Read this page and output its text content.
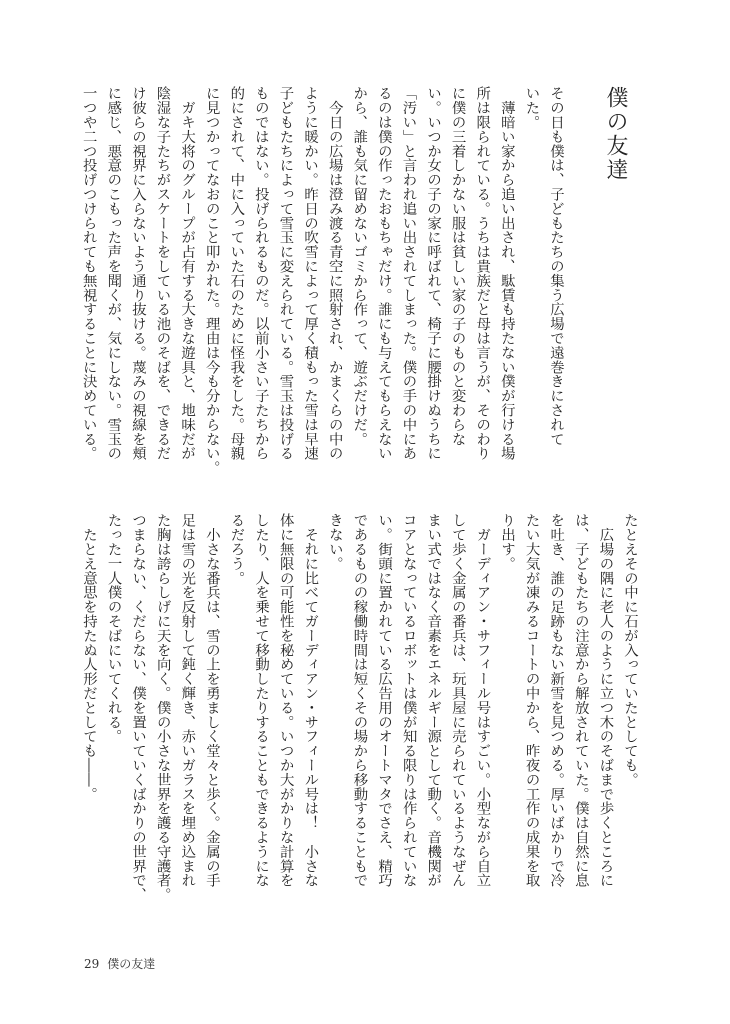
僕の友達
その日も僕は、子どもたちの集う広場で遠巻きにされて
いた。
　薄暗い家から追い出され、駄賃も持たない僕が行ける場
所は限られている。うちは貴族だと母は言うが、そのわり
に僕の三着しかない服は貧しい家の子のものと変わらな
い。いつか女の子の家に呼ばれて、椅子に腰掛けぬうちに
「汚い」と言われ追い出されてしまった。僕の手の中にあ
るのは僕の作ったおもちゃだけ。誰にも与えてもらえない
から、誰も気に留めないゴミから作って、遊ぶだけだ。
　今日の広場は澄み渡る青空に照射され、かまくらの中の
ように暖かい。昨日の吹雪によって厚く積もった雪は早速
子どもたちによって雪玉に変えられている。雪玉は投げる
ものではない。投げられるものだ。以前小さい子たちから
的にされて、中に入っていた石のために怪我をした。母親
に見つかってなおのこと叩かれた。理由は今も分からない。
　ガキ大将のグループが占有する大きな遊具と、地味だが
陰湿な子たちがスケートをしている池のそばを、できるだ
け彼らの視界に入らないよう通り抜ける。蔑みの視線を頬
に感じ、悪意のこもった声を聞くが、気にしない。雪玉の
一つや二つ投げつけられても無視することに決めている。
たとえその中に石が入っていたとしても。
　広場の隅に老人のように立つ木のそばまで歩くところに
は、子どもたちの注意から解放されていた。僕は自然に息
を吐き、誰の足跡もない新雪を見つめる。厚いばかりで冷
たい大気が凍みるコートの中から、昨夜の工作の成果を取
り出す。
　ガーディアン・サフィール号はすごい。小型ながら自立
して歩く金属の番兵は、玩具屋に売られているようなぜん
まい式ではなく音素をエネルギー源として動く。音機関が
コアとなっているロボットは僕が知る限りは作られていな
い。街頭に置かれている広告用のオートマタでさえ、精巧
であるものの稼働時間は短くその場から移動することもで
きない。
　それに比べてガーディアン・サフィール号は！　小さな
体に無限の可能性を秘めている。いつか大がかりな計算を
したり、人を乗せて移動したりすることもできるようにな
るだろう。
　小さな番兵は、雪の上を勇ましく堂々と歩く。金属の手
足は雪の光を反射して鈍く輝き、赤いガラスを埋め込まれ
た胸は誇らしげに天を向く。僕の小さな世界を護る守護者。
つまらない、くだらない、僕を置いていくばかりの世界で、
たった一人僕のそばにいてくれる。
　たとえ意思を持たぬ人形だとしても――。
29 僕の友達
